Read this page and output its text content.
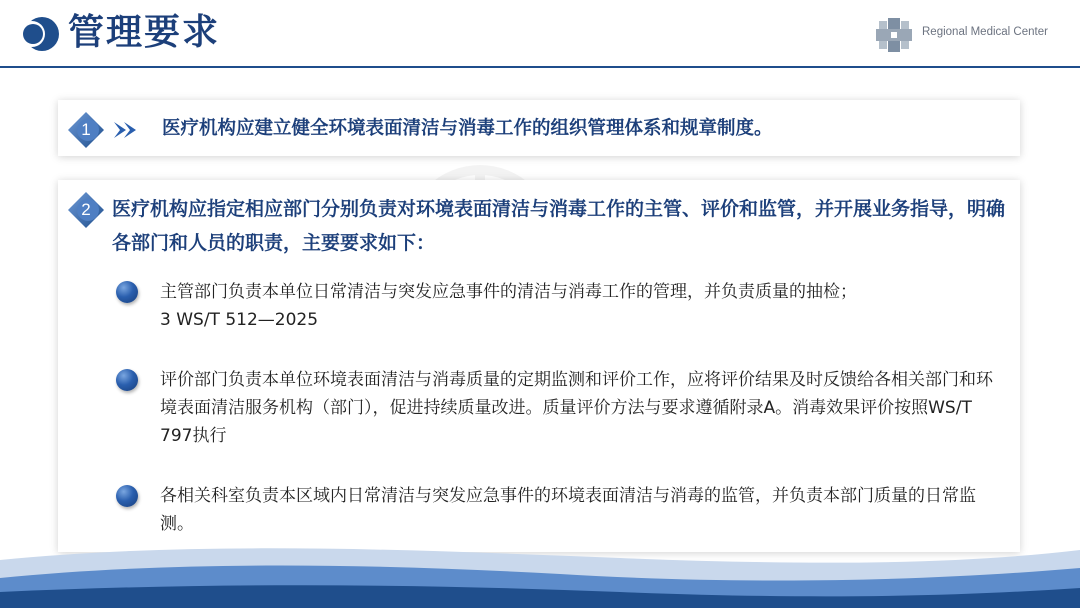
管理要求	Regional Medical Center
1	医疗机构应建立健全环境表面清洁与消毒工作的组织管理体系和规章制度。
2	医疗机构应指定相应部门分别负责对环境表面清洁与消毒工作的主管、评价和监管，并开展业务指导，明确各部门和人员的职责，主要要求如下：
主管部门负责本单位日常清洁与突发应急事件的清洁与消毒工作的管理，并负责质量的抽检；
3 WS/T 512—2025
评价部门负责本单位环境表面清洁与消毒质量的定期监测和评价工作，应将评价结果及时反馈给各相关部门和环境表面清洁服务机构（部门），促进持续质量改进。质量评价方法与要求遵循附录A。消毒效果评价按照WS/T 797执行
各相关科室负责本区域内日常清洁与突发应急事件的环境表面清洁与消毒的监管，并负责本部门质量的日常监测。
